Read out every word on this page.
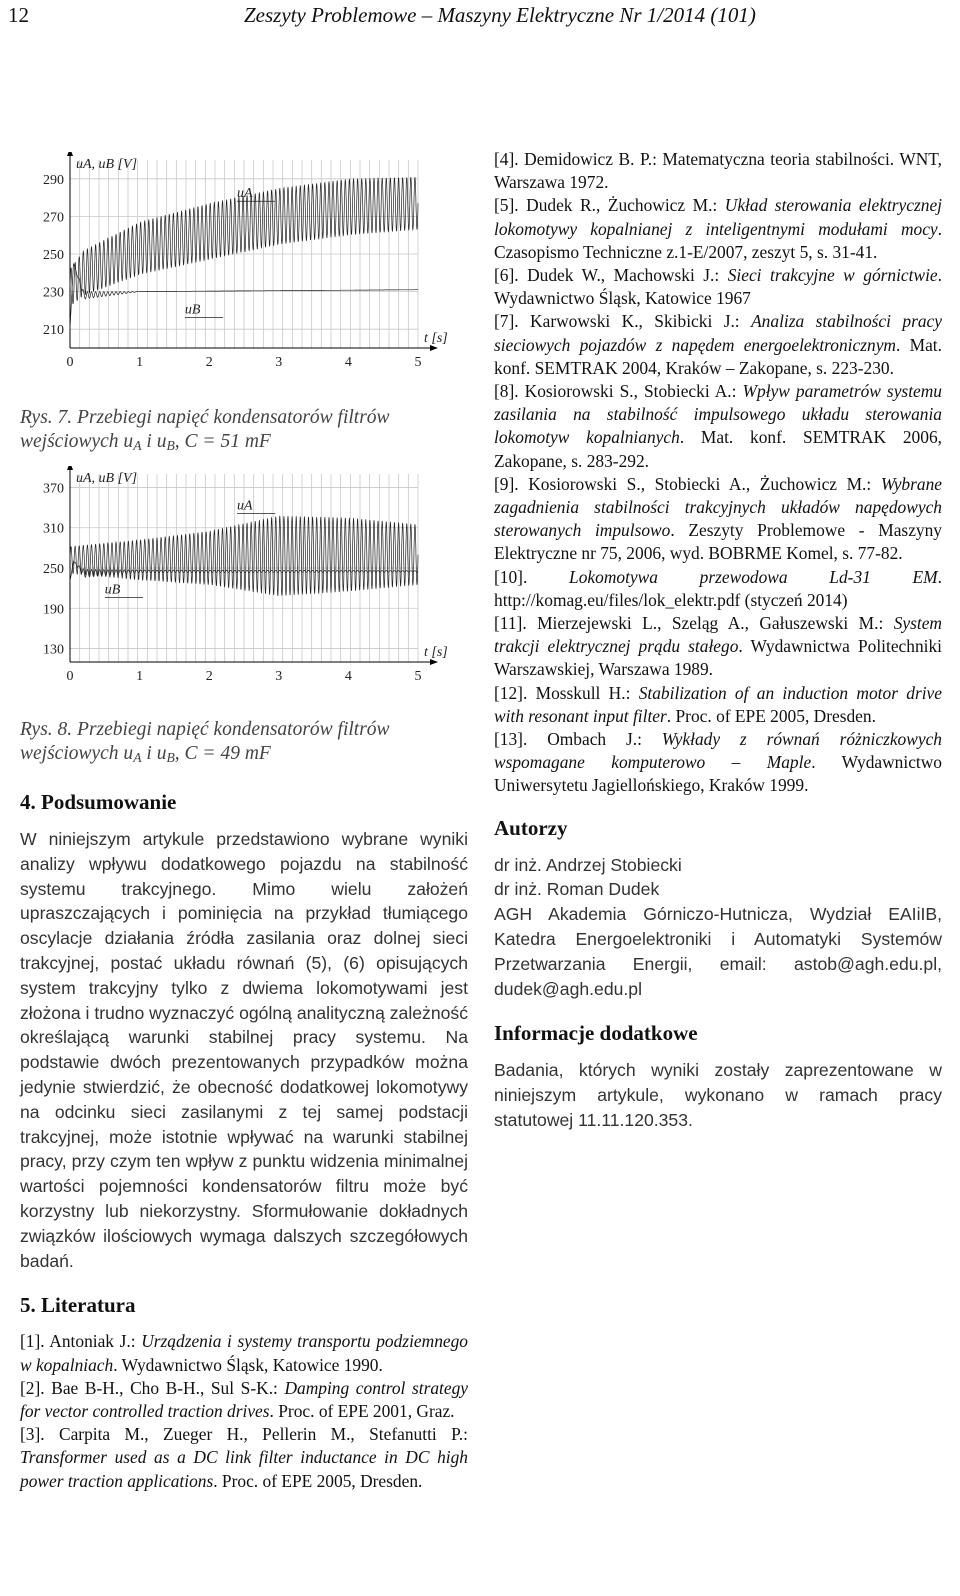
12	Zeszyty Problemowe – Maszyny Elektryczne Nr 1/2014 (101)
290
270
250
230
210
0	1	2	3	4	5
uA, uB [V]
t [s]
uA
uB

Rys. 7. Przebiegi napięć kondensatorów filtrów

wejściowych $u_A$ i $u_B$, C = 51 mF

370
310
250
190
130
0	1	2	3	4	5
uA, uB [V]
t [s]
uA
uB

Rys. 8. Przebiegi napięć kondensatorów filtrów

wejściowych $u_A$ i $u_B$, C = 49 mF

4. Podsumowanie

W niniejszym artykule przedstawiono wybrane wyniki analizy wpływu dodatkowego pojazdu na stabilność systemu trakcyjnego. Mimo wielu założeń upraszczających i pominięcia na przykład tłumiącego oscylacje działania źródła zasilania oraz dolnej sieci trakcyjnej, postać układu równań (5), (6) opisujących system trakcyjny tylko z dwiema lokomotywami jest złożona i trudno wyznaczyć ogólną analityczną zależność określającą warunki stabilnej pracy systemu. Na podstawie dwóch prezentowanych przypadków można jedynie stwierdzić, że obecność dodatkowej lokomotywy na odcinku sieci zasilanymi z tej samej podstacji trakcyjnej, może istotnie wpływać na warunki stabilnej pracy, przy czym ten wpływ z punktu widzenia minimalnej wartości pojemności kondensatorów filtru może być korzystny lub niekorzystny. Sformułowanie dokładnych związków ilościowych wymaga dalszych szczegółowych badań.

5. Literatura

[1]. Antoniak J.: Urządzenia i systemy transportu podziemnego w kopalniach. Wydawnictwo Śląsk, Katowice 1990.

[2]. Bae B-H., Cho B-H., Sul S-K.: Damping control strategy for vector controlled traction drives. Proc. of EPE 2001, Graz.

[3]. Carpita M., Zueger H., Pellerin M., Stefanutti P.: Transformer used as a DC link filter inductance in DC high power traction applications. Proc. of EPE 2005, Dresden.

[4]. Demidowicz B. P.: Matematyczna teoria stabilności. WNT, Warszawa 1972.

[5]. Dudek R., Żuchowicz M.: Układ sterowania elektrycznej lokomotywy kopalnianej z inteligentnymi modułami mocy. Czasopismo Techniczne z.1-E/2007, zeszyt 5, s. 31-41.

[6]. Dudek W., Machowski J.: Sieci trakcyjne w górnictwie. Wydawnictwo Śląsk, Katowice 1967

[7]. Karwowski K., Skibicki J.: Analiza stabilności pracy sieciowych pojazdów z napędem energoelektronicznym. Mat. konf. SEMTRAK 2004, Kraków – Zakopane, s. 223-230.

[8]. Kosiorowski S., Stobiecki A.: Wpływ parametrów systemu zasilania na stabilność impulsowego układu sterowania lokomotyw kopalnianych. Mat. konf. SEMTRAK 2006, Zakopane, s. 283-292.

[9]. Kosiorowski S., Stobiecki A., Żuchowicz M.: Wybrane zagadnienia stabilności trakcyjnych układów napędowych sterowanych impulsowo. Zeszyty Problemowe - Maszyny Elektryczne nr 75, 2006, wyd. BOBRME Komel, s. 77-82.

[10]. Lokomotywa przewodowa Ld-31 EM. http://komag.eu/files/lok_elektr.pdf (styczeń 2014)

[11]. Mierzejewski L., Szeląg A., Gałuszewski M.: System trakcji elektrycznej prądu stałego. Wydawnictwa Politechniki Warszawskiej, Warszawa 1989.

[12]. Mosskull H.: Stabilization of an induction motor drive with resonant input filter. Proc. of EPE 2005, Dresden.

[13]. Ombach J.: Wykłady z równań różniczkowych wspomagane komputerowo – Maple. Wydawnictwo Uniwersytetu Jagiellońskiego, Kraków 1999.

Autorzy

dr inż. Andrzej Stobiecki

dr inż. Roman Dudek

AGH Akademia Górniczo-Hutnicza, Wydział EAIiIB, Katedra Energoelektroniki i Automatyki Systemów Przetwarzania Energii, email: astob@agh.edu.pl, dudek@agh.edu.pl

Informacje dodatkowe

Badania, których wyniki zostały zaprezentowane w niniejszym artykule, wykonano w ramach pracy statutowej 11.11.120.353.
